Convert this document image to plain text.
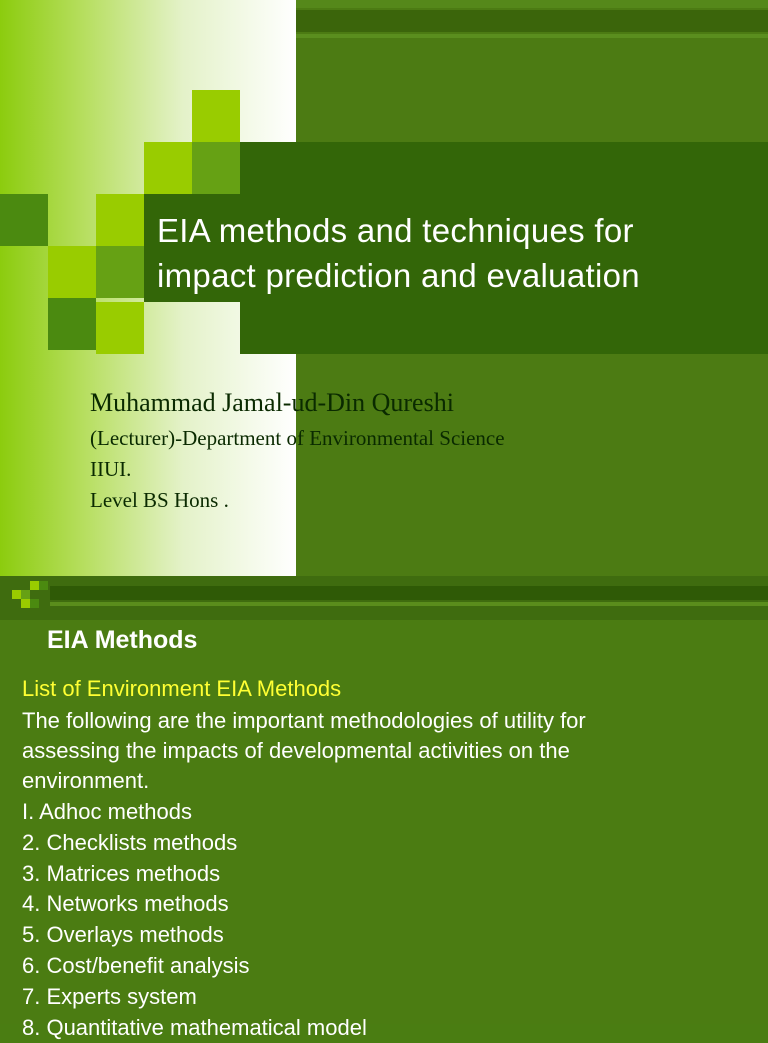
EIA methods and techniques for
impact prediction and evaluation
Muhammad Jamal-ud-Din Qureshi
(Lecturer)-Department of Environmental Science
IIUI.
Level BS Hons .
EIA Methods
List of Environment EIA Methods
The following are the important methodologies of utility for
assessing the impacts of developmental activities on the
environment.
I. Adhoc methods
2. Checklists methods
3. Matrices methods
4. Networks methods
5. Overlays methods
6. Cost/benefit analysis
7. Experts system
8. Quantitative mathematical model
